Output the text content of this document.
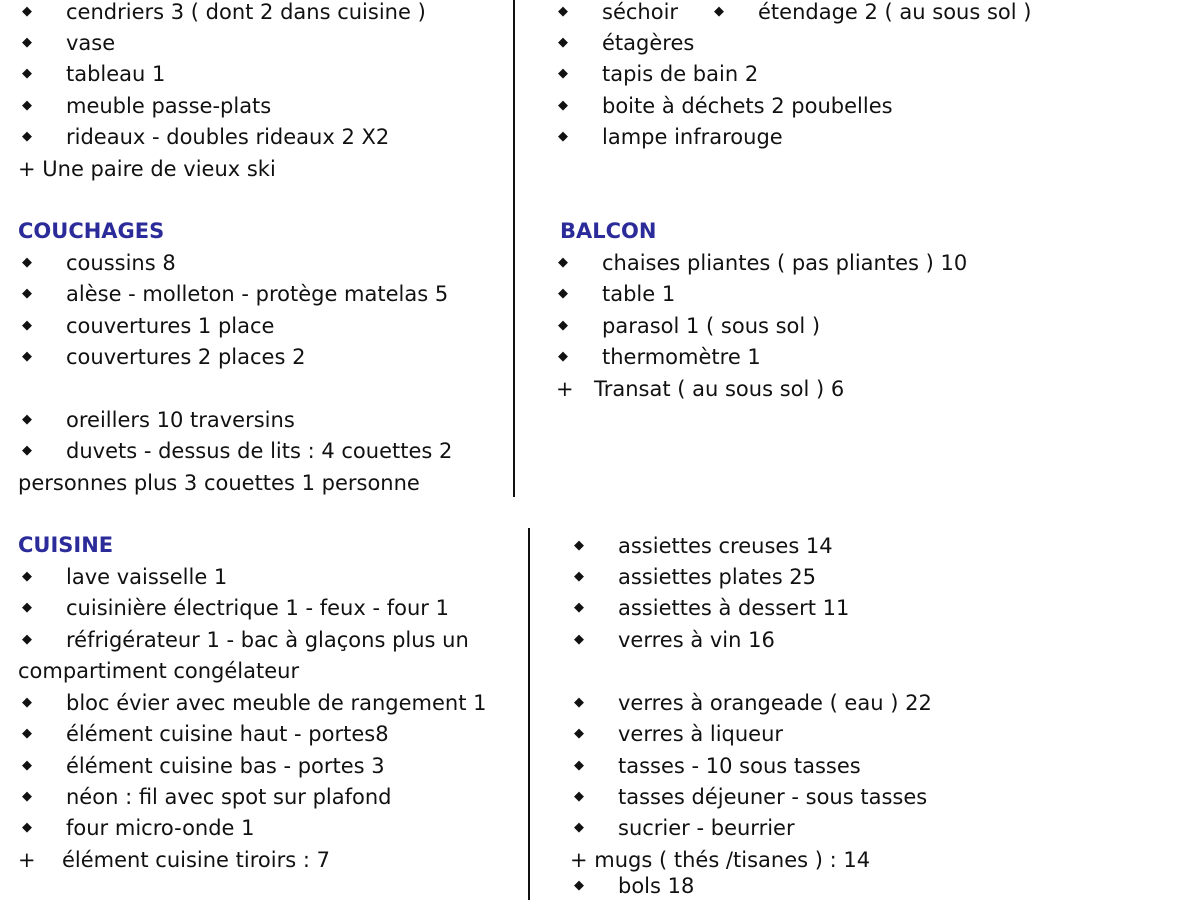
◆ cendriers 3 ( dont 2 dans cuisine )
◆ vase
◆ tableau 1
◆ meuble passe-plats
◆ rideaux - doubles rideaux 2 X2
+ Une paire de vieux ski
COUCHAGES
◆ coussins 8
◆ alèse - molleton - protège matelas 5
◆ couvertures 1 place
◆ couvertures 2 places 2
◆ oreillers 10 traversins
◆ duvets - dessus de lits : 4 couettes 2
personnes plus 3 couettes 1 personne
◆ séchoir	◆ étendage 2 ( au sous sol )
◆ étagères
◆ tapis de bain 2
◆ boite à déchets 2 poubelles
◆ lampe infrarouge
BALCON
◆ chaises pliantes ( pas pliantes ) 10
◆ table 1
◆ parasol 1 ( sous sol )
◆ thermomètre 1
+ Transat ( au sous sol ) 6
CUISINE
◆ lave vaisselle 1
◆ cuisinière électrique 1 - feux - four 1
◆ réfrigérateur 1 - bac à glaçons plus un
compartiment congélateur
◆ bloc évier avec meuble de rangement 1
◆ élément cuisine haut - portes8
◆ élément cuisine bas - portes 3
◆ néon : fil avec spot sur plafond
◆ four micro-onde 1
+ élément cuisine tiroirs : 7
◆ assiettes creuses 14
◆ assiettes plates 25
◆ assiettes à dessert 11
◆ verres à vin 16
◆ verres à orangeade ( eau ) 22
◆ verres à liqueur
◆ tasses - 10 sous tasses
◆ tasses déjeuner - sous tasses
◆ sucrier - beurrier
+ mugs ( thés /tisanes ) : 14
◆ bols 18
